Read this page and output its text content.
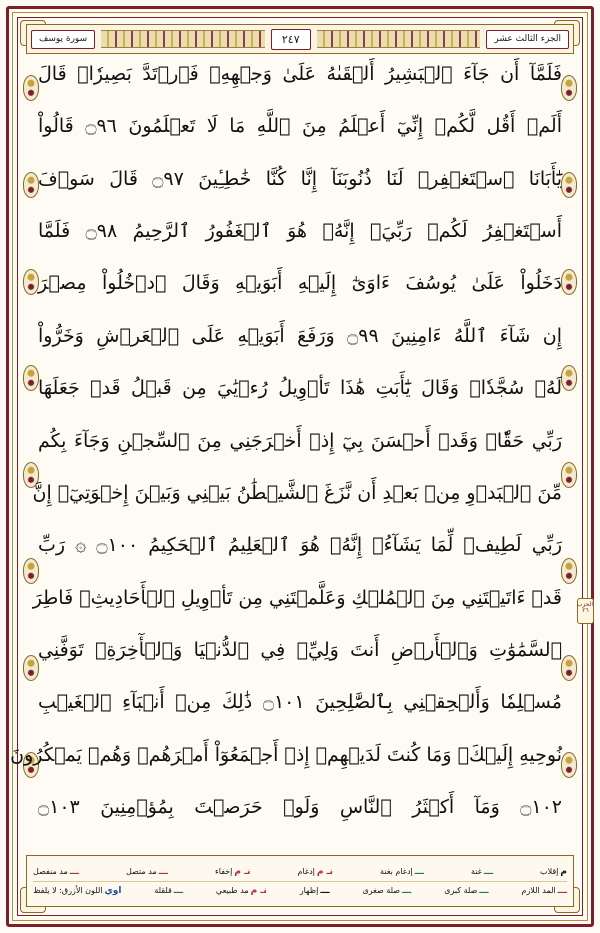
سورة يوسف	٢٤٧	الجزء الثالث عشر
فَلَمَّآ أَن جَآءَ ٱلۡبَشِيرُ أَلۡقَىٰهُ عَلَىٰ وَجۡهِهِۦ فَٱرۡتَدَّ بَصِيرٗاۖ قَالَ
أَلَمۡ أَقُل لَّكُمۡ إِنِّيٓ أَعۡلَمُ مِنَ ٱللَّهِ مَا لَا تَعۡلَمُونَ ۝٩٦ قَالُواْ
يَٰٓأَبَانَا ٱسۡتَغۡفِرۡ لَنَا ذُنُوبَنَآ إِنَّا كُنَّا خَٰطِـِٔينَ ۝٩٧ قَالَ سَوۡفَ
أَسۡتَغۡفِرُ لَكُمۡ رَبِّيَۖ إِنَّهُۥ هُوَ ٱلۡغَفُورُ ٱلرَّحِيمُ ۝٩٨ فَلَمَّا
دَخَلُواْ عَلَىٰ يُوسُفَ ءَاوَىٰٓ إِلَيۡهِ أَبَوَيۡهِ وَقَالَ ٱدۡخُلُواْ مِصۡرَ
إِن شَآءَ ٱللَّهُ ءَامِنِينَ ۝٩٩ وَرَفَعَ أَبَوَيۡهِ عَلَى ٱلۡعَرۡشِ وَخَرُّواْ
لَهُۥ سُجَّدٗاۖ وَقَالَ يَٰٓأَبَتِ هَٰذَا تَأۡوِيلُ رُءۡيَٰيَ مِن قَبۡلُ قَدۡ جَعَلَهَا
رَبِّي حَقّٗاۖ وَقَدۡ أَحۡسَنَ بِيٓ إِذۡ أَخۡرَجَنِي مِنَ ٱلسِّجۡنِ وَجَآءَ بِكُم
مِّنَ ٱلۡبَدۡوِ مِنۢ بَعۡدِ أَن نَّزَغَ ٱلشَّيۡطَٰنُ بَيۡنِي وَبَيۡنَ إِخۡوَتِيٓۚ إِنَّ
رَبِّي لَطِيفٞ لِّمَا يَشَآءُۚ إِنَّهُۥ هُوَ ٱلۡعَلِيمُ ٱلۡحَكِيمُ ۝١٠٠ ۞ رَبِّ
قَدۡ ءَاتَيۡتَنِي مِنَ ٱلۡمُلۡكِ وَعَلَّمۡتَنِي مِن تَأۡوِيلِ ٱلۡأَحَادِيثِۚ فَاطِرَ
ٱلسَّمَٰوَٰتِ وَٱلۡأَرۡضِ أَنتَ وَلِيِّۦ فِي ٱلدُّنۡيَا وَٱلۡأٓخِرَةِۖ تَوَفَّنِي
مُسۡلِمٗا وَأَلۡحِقۡنِي بِٱلصَّٰلِحِينَ ۝١٠١ ذَٰلِكَ مِنۡ أَنۢبَآءِ ٱلۡغَيۡبِ
نُوحِيهِ إِلَيۡكَۖ وَمَا كُنتَ لَدَيۡهِمۡ إِذۡ أَجۡمَعُوٓاْ أَمۡرَهُمۡ وَهُمۡ يَمۡكُرُونَ
۝١٠٢ وَمَآ أَكۡثَرُ ٱلنَّاسِ وَلَوۡ حَرَصۡتَ بِمُؤۡمِنِينَ ۝١٠٣
الحزب ٢٦
م
إقلاب
ـــ
غنة
ـــ
إدغام بغنة
نـ م
إدغام
نـ م
إخفاء
ـــ
مد متصل
ـــ
مد منفصل
ـــ
المد اللازم
ـــ
صلة كبرى
ـــ
صلة صغرى
ـــ
إظهار
نـ م
مد طبيعي
ـــ
قلقلة
اوي
اللون الأزرق: لا يلفظ
